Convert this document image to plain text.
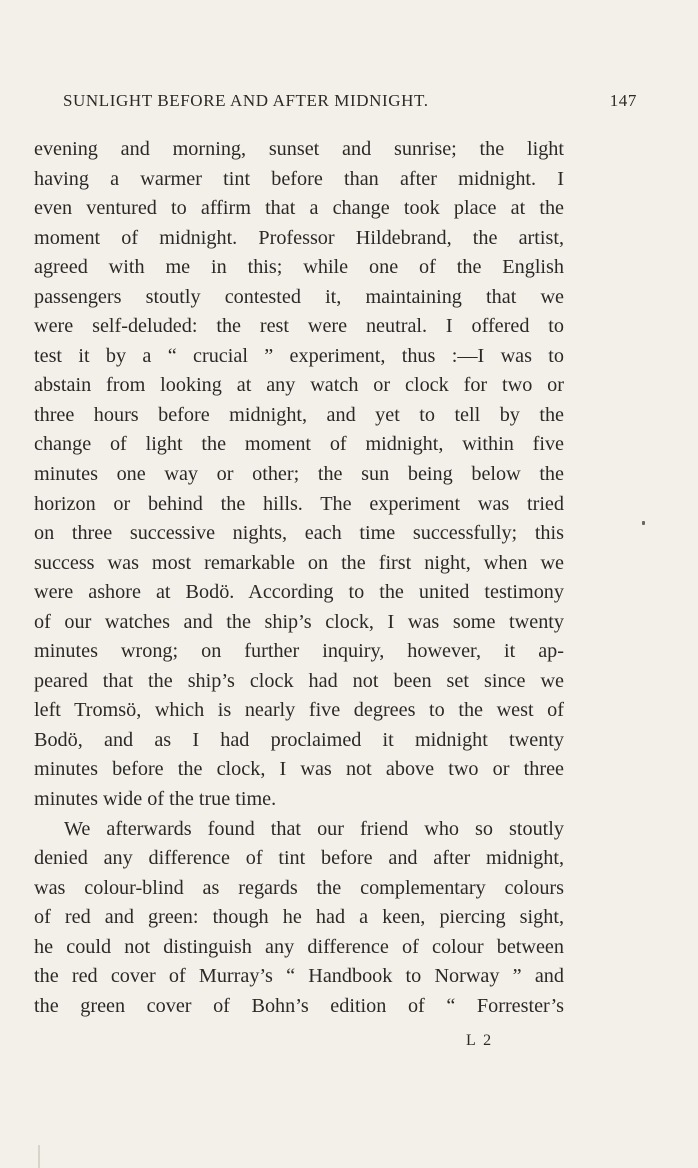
SUNLIGHT BEFORE AND AFTER MIDNIGHT.	147
evening and morning, sunset and sunrise; the light
having a warmer tint before than after midnight. I
even ventured to affirm that a change took place at the
moment of midnight. Professor Hildebrand, the artist,
agreed with me in this; while one of the English
passengers stoutly contested it, maintaining that we
were self-deluded: the rest were neutral. I offered to
test it by a “ crucial ” experiment, thus :—I was to
abstain from looking at any watch or clock for two or
three hours before midnight, and yet to tell by the
change of light the moment of midnight, within five
minutes one way or other; the sun being below the
horizon or behind the hills. The experiment was tried
on three successive nights, each time successfully; this
success was most remarkable on the first night, when we
were ashore at Bodö. According to the united testimony
of our watches and the ship’s clock, I was some twenty
minutes wrong; on further inquiry, however, it ap-
peared that the ship’s clock had not been set since we
left Tromsö, which is nearly five degrees to the west of
Bodö, and as I had proclaimed it midnight twenty
minutes before the clock, I was not above two or three
minutes wide of the true time.
We afterwards found that our friend who so stoutly
denied any difference of tint before and after midnight,
was colour-blind as regards the complementary colours
of red and green: though he had a keen, piercing sight,
he could not distinguish any difference of colour between
the red cover of Murray’s “ Handbook to Norway ” and
the green cover of Bohn’s edition of “ Forrester’s
L 2
